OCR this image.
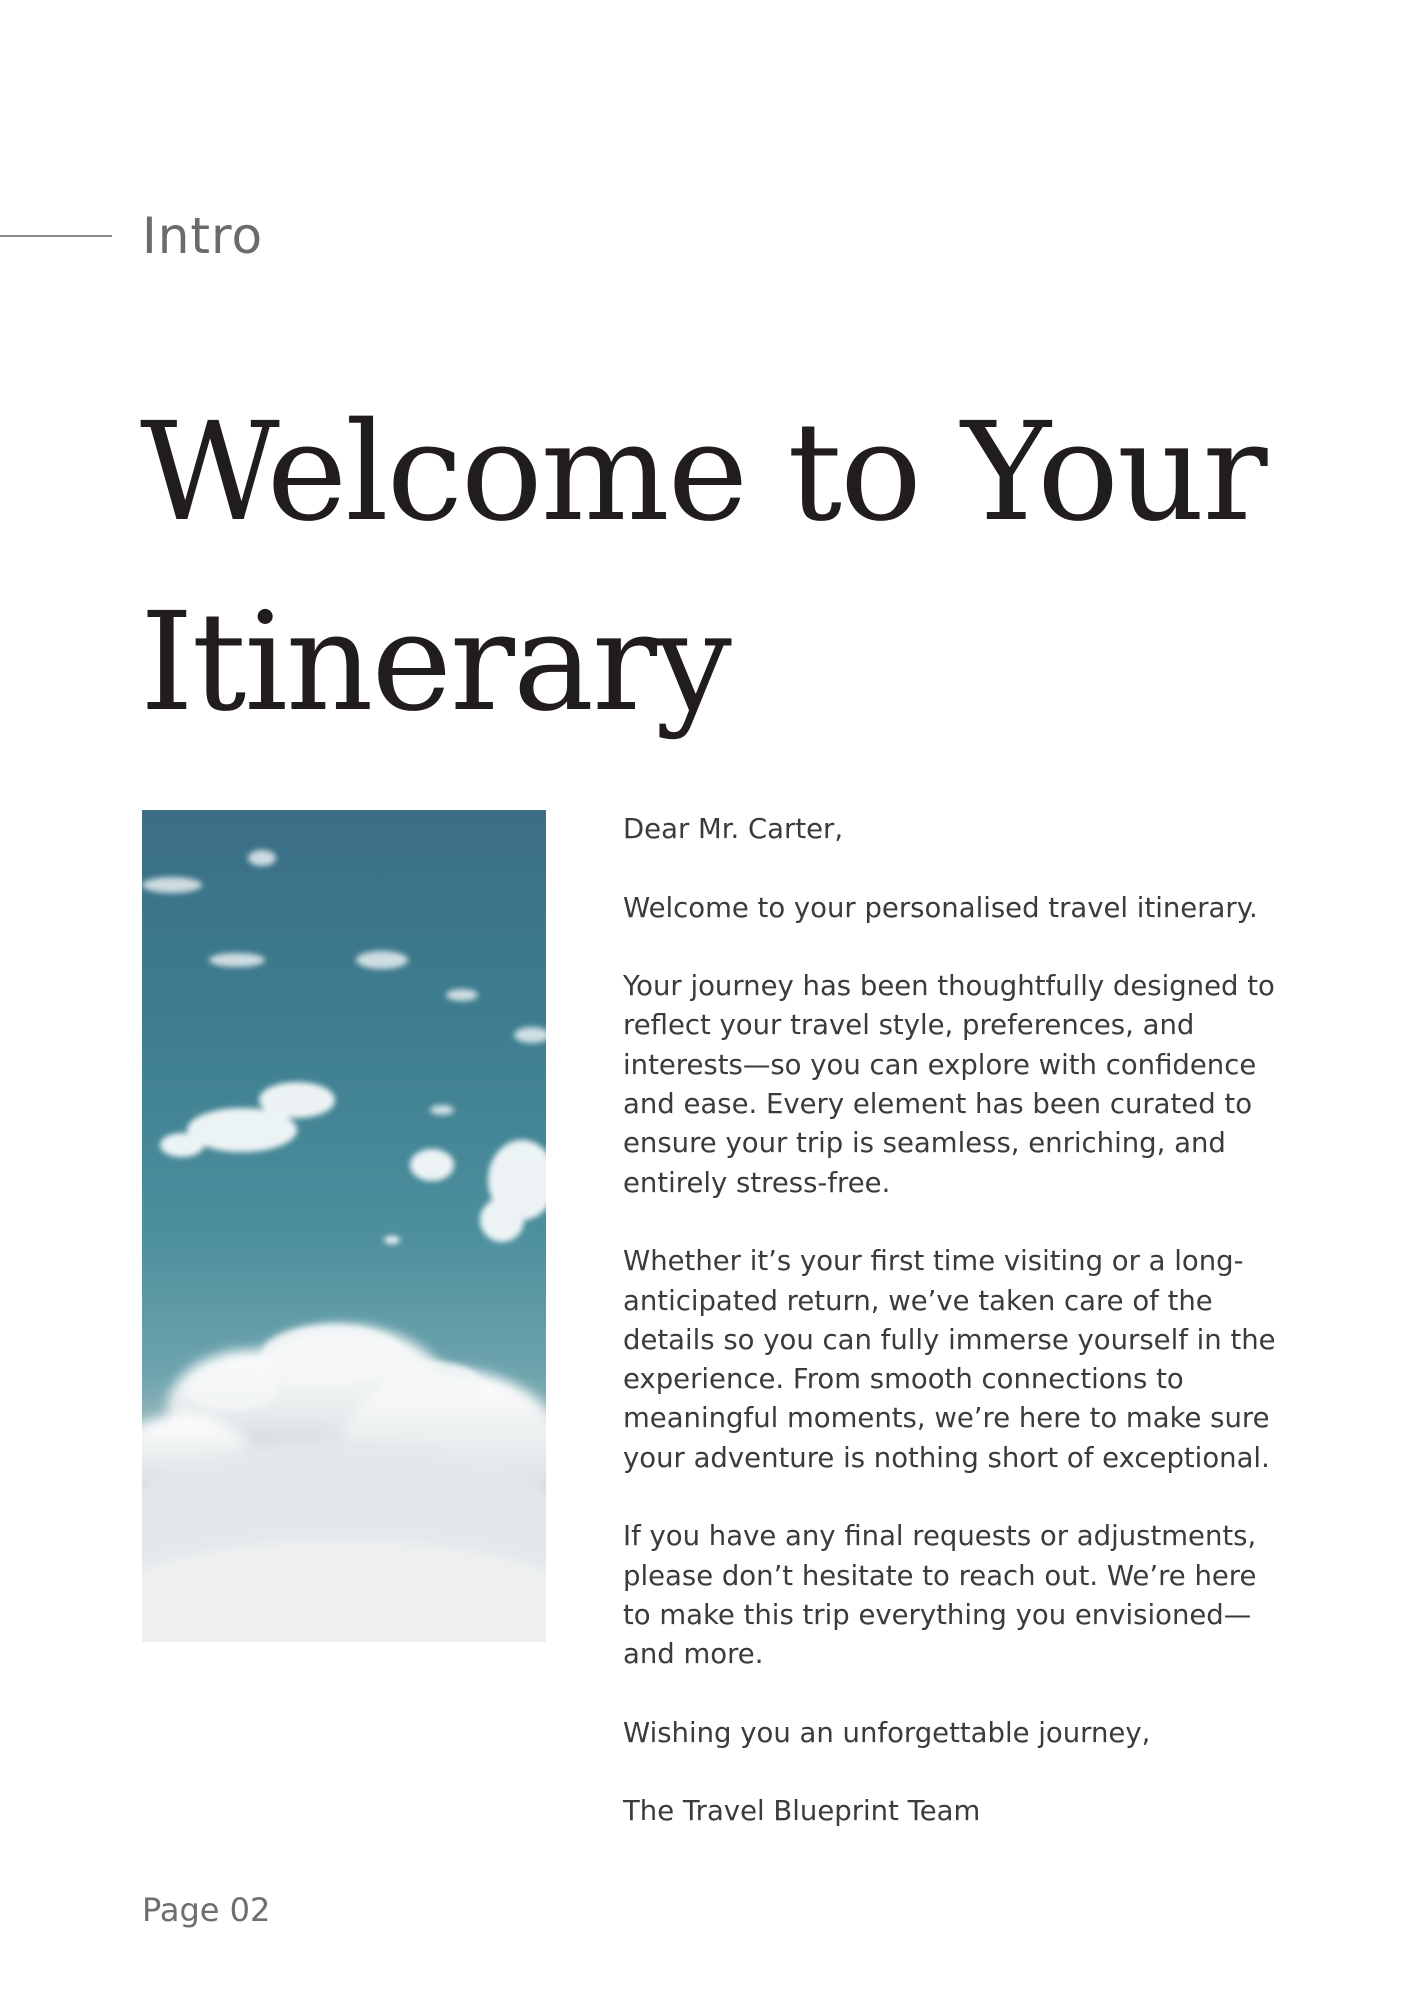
Intro
Welcome to Your
Itinerary

Dear Mr. Carter,

Welcome to your personalised travel itinerary.

Your journey has been thoughtfully designed to reflect your travel style, preferences, and interests—so you can explore with confidence and ease. Every element has been curated to ensure your trip is seamless, enriching, and entirely stress-free.

Whether it’s your first time visiting or a long-anticipated return, we’ve taken care of the details so you can fully immerse yourself in the experience. From smooth connections to meaningful moments, we’re here to make sure your adventure is nothing short of exceptional.

If you have any final requests or adjustments, please don’t hesitate to reach out. We’re here to make this trip everything you envisioned—and more.

Wishing you an unforgettable journey,

The Travel Blueprint Team

Page 02
